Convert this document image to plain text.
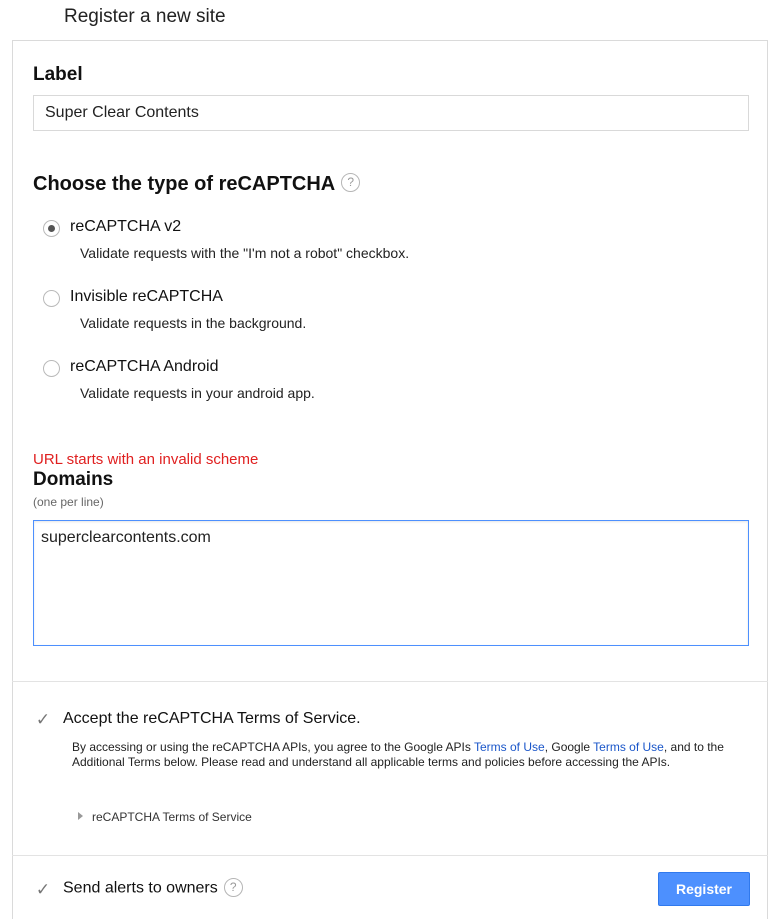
Register a new site
Label
Super Clear Contents
Choose the type of reCAPTCHA ?
reCAPTCHA v2
Validate requests with the "I'm not a robot" checkbox.
Invisible reCAPTCHA
Validate requests in the background.
reCAPTCHA Android
Validate requests in your android app.
URL starts with an invalid scheme
Domains
(one per line)
superclearcontents.com
✓ Accept the reCAPTCHA Terms of Service.
By accessing or using the reCAPTCHA APIs, you agree to the Google APIs Terms of Use, Google Terms of Use, and to the Additional Terms below. Please read and understand all applicable terms and policies before accessing the APIs.
reCAPTCHA Terms of Service
✓ Send alerts to owners ?	Register
